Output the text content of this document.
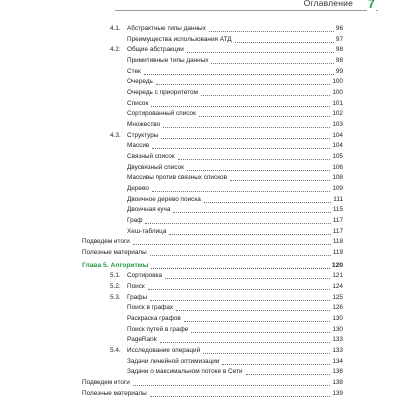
Оглавление 7
4.1. Абстрактные типы данных	96
Преимущества использования АТД	97
4.2. Общие абстракции	98
Примитивные типы данных	98
Стек	99
Очередь	100
Очередь с приоритетом	100
Список	101
Сортированный список	102
Множество	103
4.3. Структуры	104
Массив	104
Связный список	105
Двусвязный список	106
Массивы против связных списков	108
Дерево	109
Двоичное дерево поиска	111
Двоичная куча	115
Граф	117
Хеш-таблица	117
Подведем итоги	118
Полезные материалы	119
Глава 5. Алгоритмы	120
5.1. Сортировка	121
5.2. Поиск	124
5.3. Графы	125
Поиск в графах	126
Раскраска графов	130
Поиск путей в графе	130
PageRank	133
5.4. Исследование операций	133
Задачи линейной оптимизации	134
Задачи о максимальном потоке в Сети	136
Подведем итоги	138
Полезные материалы	139
